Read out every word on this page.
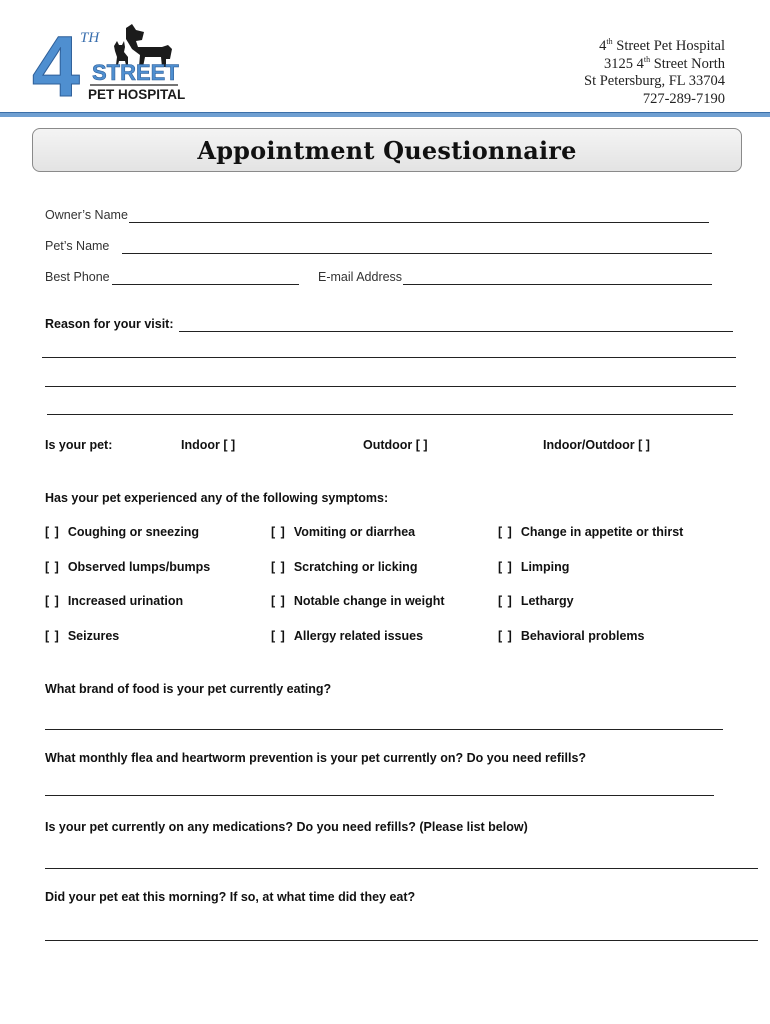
4 TH
STREET
PET HOSPITAL
4th Street Pet Hospital
3125 4th Street North
St Petersburg, FL 33704
727-289-7190
Appointment Questionnaire
Owner’s Name
Pet’s Name
Best Phone	E-mail Address
Reason for your visit:
Is your pet:	Indoor [ ]	Outdoor [ ]	Indoor/Outdoor [ ]
Has your pet experienced any of the following symptoms:
[ ] Coughing or sneezing	[ ] Vomiting or diarrhea	[ ] Change in appetite or thirst
[ ] Observed lumps/bumps	[ ] Scratching or licking	[ ] Limping
[ ] Increased urination	[ ] Notable change in weight	[ ] Lethargy
[ ] Seizures	[ ] Allergy related issues	[ ] Behavioral problems
What brand of food is your pet currently eating?
What monthly flea and heartworm prevention is your pet currently on? Do you need refills?
Is your pet currently on any medications? Do you need refills? (Please list below)
Did your pet eat this morning? If so, at what time did they eat?
